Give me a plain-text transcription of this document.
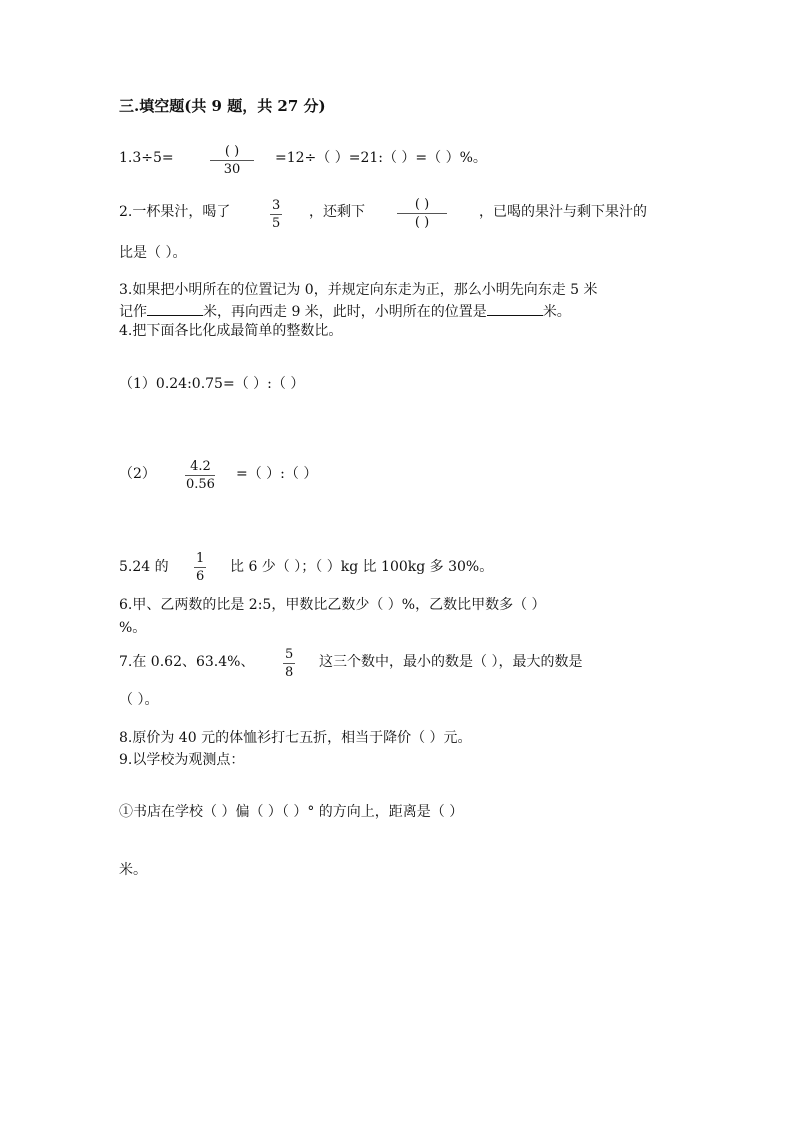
三.填空题(共 9 题，共 27 分)
1.3÷5=	( )
30
=12÷（ ）=21:（ ）=（ ）%。
2.一杯果汁，喝了	3
5
，还剩下	( )
( )
，已喝的果汁与剩下果汁的
比是（ ）。
3.如果把小明所在的位置记为 0，并规定向东走为正，那么小明先向东走 5 米
记作	米，再向西走 9 米，此时，小明所在的位置是	米。
4.把下面各比化成最简单的整数比。
（1）0.24:0.75=（ ）:（ ）
（2）	4.2
0.56
=（ ）:（ ）
5.24 的
1
6
比 6 少（ ）；（ ）kg 比 100kg 多 30%。
6.甲、乙两数的比是 2:5，甲数比乙数少（ ）%，乙数比甲数多（ ）
%。
7.在 0.62、63.4%、 5
8
这三个数中，最小的数是（ ），最大的数是
（ ）。
8.原价为 40 元的体恤衫打七五折，相当于降价（ ）元。
9.以学校为观测点：
①书店在学校（ ）偏（ ）（ ）° 的方向上，距离是（ ）
米。
